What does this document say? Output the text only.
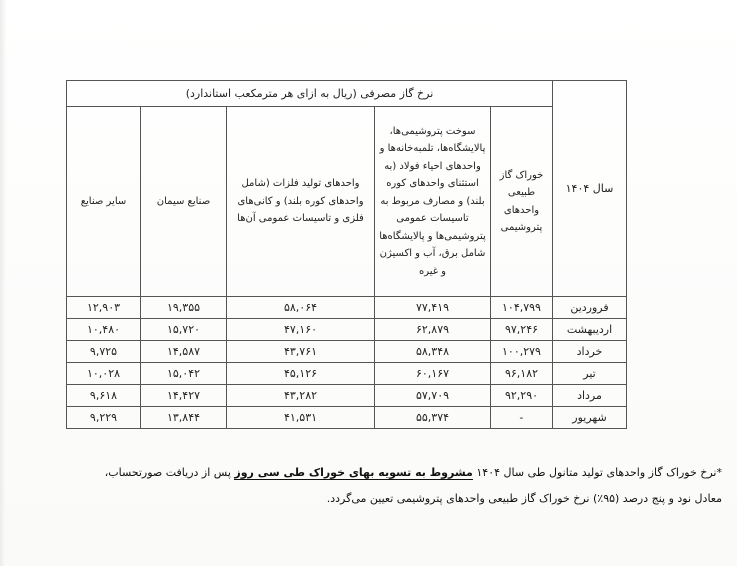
سال ۱۴۰۴	نرخ گاز مصرفی (ریال به ازای هر مترمکعب استاندارد)				
	خوراک گاز طبیعی واحدهای پتروشیمی	سوخت پتروشیمی‌ها، پالایشگاه‌ها، تلمبه‌خانه‌ها و واحدهای احیاء فولاد (به استثنای واحدهای کوره بلند) و مصارف مربوط به تاسیسات عمومی پتروشیمی‌ها و پالایشگاه‌ها شامل برق، آب و اکسیژن و غیره	واحدهای تولید فلزات (شامل واحدهای کوره بلند) و کانی‌های فلزی و تاسیسات عمومی آن‌ها	صنایع سیمان	سایر صنایع
فروردین	۱۰۴,۷۹۹	۷۷,۴۱۹	۵۸,۰۶۴	۱۹,۳۵۵	۱۲,۹۰۳
اردیبهشت	۹۷,۲۴۶	۶۲,۸۷۹	۴۷,۱۶۰	۱۵,۷۲۰	۱۰,۴۸۰
خرداد	۱۰۰,۲۷۹	۵۸,۳۴۸	۴۳,۷۶۱	۱۴,۵۸۷	۹,۷۲۵
تیر	۹۶,۱۸۲	۶۰,۱۶۷	۴۵,۱۲۶	۱۵,۰۴۲	۱۰,۰۲۸
مرداد	۹۲,۲۹۰	۵۷,۷۰۹	۴۳,۲۸۲	۱۴,۴۲۷	۹,۶۱۸
شهریور	-	۵۵,۳۷۴	۴۱,۵۳۱	۱۳,۸۴۴	۹,۲۲۹
*نرخ خوراک گاز واحدهای تولید متانول طی سال ۱۴۰۴ مشروط به تسویه بهای خوراک طی سی روز پس از دریافت صورتحساب،
معادل نود و پنج درصد (۹۵٪) نرخ خوراک گاز طبیعی واحدهای پتروشیمی تعیین می‌گردد.
